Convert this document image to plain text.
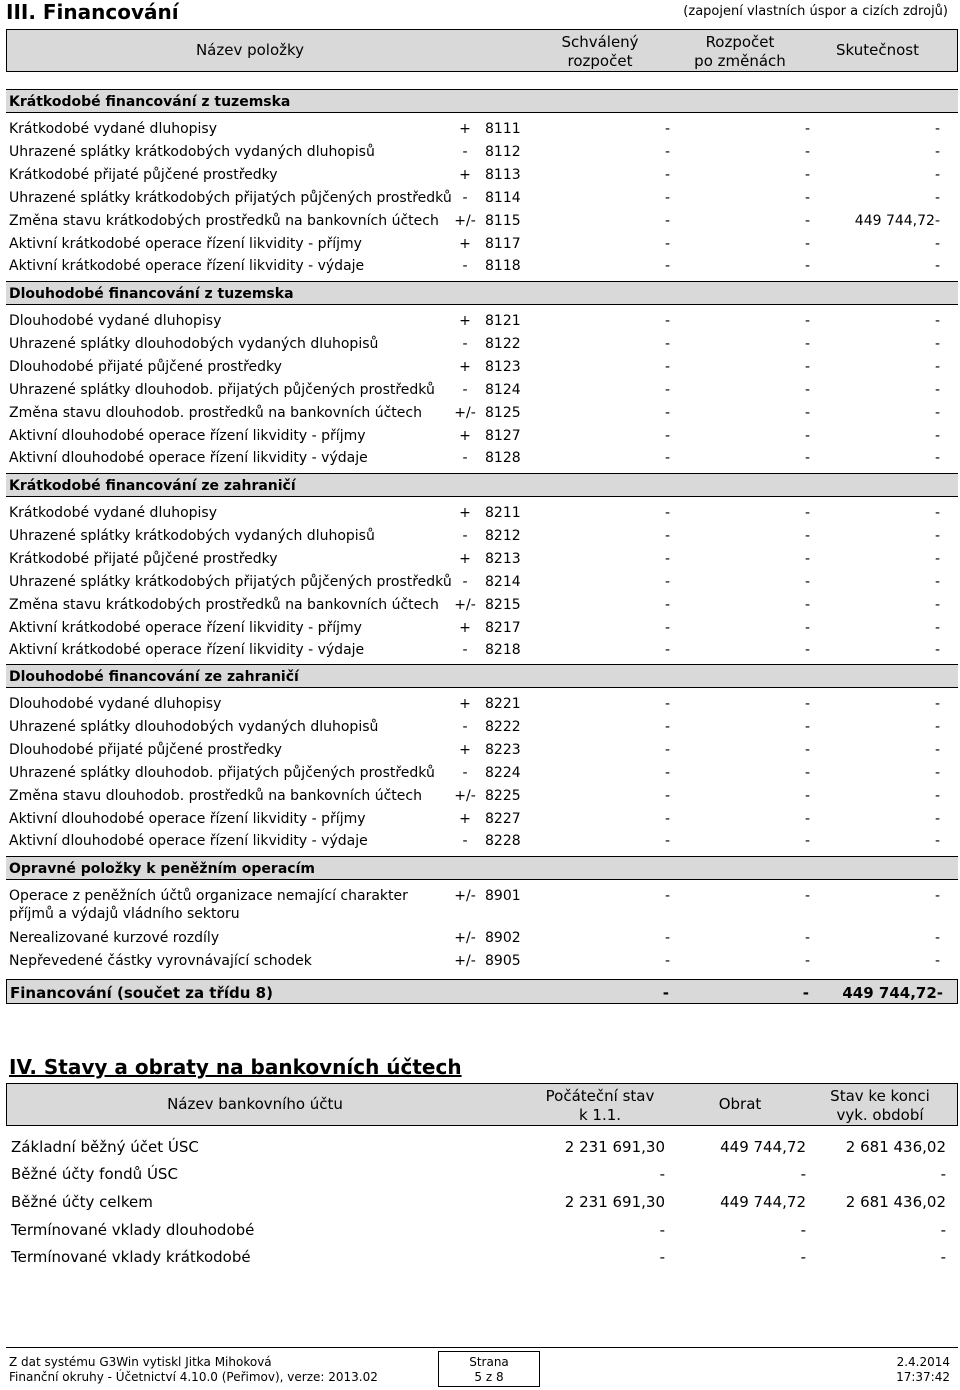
III. Financování	(zapojení vlastních úspor a cizích zdrojů)
Název položky	Schválený
rozpočet
Rozpočet
po změnách
Skutečnost
Krátkodobé financování z tuzemska
Krátkodobé vydané dluhopisy	+	8111	-	-	-
Uhrazené splátky krátkodobých vydaných dluhopisů	-	8112	-	-	-
Krátkodobé přijaté půjčené prostředky	+	8113	-	-	-
Uhrazené splátky krátkodobých přijatých půjčených prostředků -	8114	-	-	-
Změna stavu krátkodobých prostředků na bankovních účtech +/- 8115	-	-	449 744,72-
Aktivní krátkodobé operace řízení likvidity - příjmy	+	8117	-	-	-
Aktivní krátkodobé operace řízení likvidity - výdaje	-	8118	-	-	-
Dlouhodobé financování z tuzemska
Dlouhodobé vydané dluhopisy	+	8121	-	-	-
Uhrazené splátky dlouhodobých vydaných dluhopisů	-	8122	-	-	-
Dlouhodobé přijaté půjčené prostředky	+	8123	-	-	-
Uhrazené splátky dlouhodob. přijatých půjčených prostředků	-	8124	-	-	-
Změna stavu dlouhodob. prostředků na bankovních účtech +/- 8125	-	-	-
Aktivní dlouhodobé operace řízení likvidity - příjmy	+	8127	-	-	-
Aktivní dlouhodobé operace řízení likvidity - výdaje	-	8128	-	-	-
Krátkodobé financování ze zahraničí
Krátkodobé vydané dluhopisy	+	8211	-	-	-
Uhrazené splátky krátkodobých vydaných dluhopisů	-	8212	-	-	-
Krátkodobé přijaté půjčené prostředky	+	8213	-	-	-
Uhrazené splátky krátkodobých přijatých půjčených prostředků -	8214	-	-	-
Změna stavu krátkodobých prostředků na bankovních účtech +/- 8215	-	-	-
Aktivní krátkodobé operace řízení likvidity - příjmy	+	8217	-	-	-
Aktivní krátkodobé operace řízení likvidity - výdaje	-	8218	-	-	-
Dlouhodobé financování ze zahraničí
Dlouhodobé vydané dluhopisy	+	8221	-	-	-
Uhrazené splátky dlouhodobých vydaných dluhopisů	-	8222	-	-	-
Dlouhodobé přijaté půjčené prostředky	+	8223	-	-	-
Uhrazené splátky dlouhodob. přijatých půjčených prostředků	-	8224	-	-	-
Změna stavu dlouhodob. prostředků na bankovních účtech +/- 8225	-	-	-
Aktivní dlouhodobé operace řízení likvidity - příjmy	+	8227	-	-	-
Aktivní dlouhodobé operace řízení likvidity - výdaje	-	8228	-	-	-
Opravné položky k peněžním operacím
Operace z peněžních účtů organizace nemající charakter	+/- 8901	-	-	-
příjmů a výdajů vládního sektoru
Nerealizované kurzové rozdíly	+/- 8902	-	-	-
Nepřevedené částky vyrovnávající schodek	+/- 8905	-	-	-
Financování (součet za třídu 8)	-	-	449 744,72-
IV. Stavy a obraty na bankovních účtech
Název bankovního účtu	Počáteční stav
k 1.1.
Obrat	Stav ke konci
vyk. období
Základní běžný účet ÚSC	2 231 691,30	449 744,72	2 681 436,02
Běžné účty fondů ÚSC	-	-	-
Běžné účty celkem	2 231 691,30	449 744,72	2 681 436,02
Termínované vklady dlouhodobé	-	-	-
Termínované vklady krátkodobé	-	-	-
Z dat systému G3Win vytiskl Jitka Mihoková
Finanční okruhy - Účetnictví 4.10.0 (Peřimov), verze: 2013.02
Strana
5 z 8
2.4.2014
17:37:42
